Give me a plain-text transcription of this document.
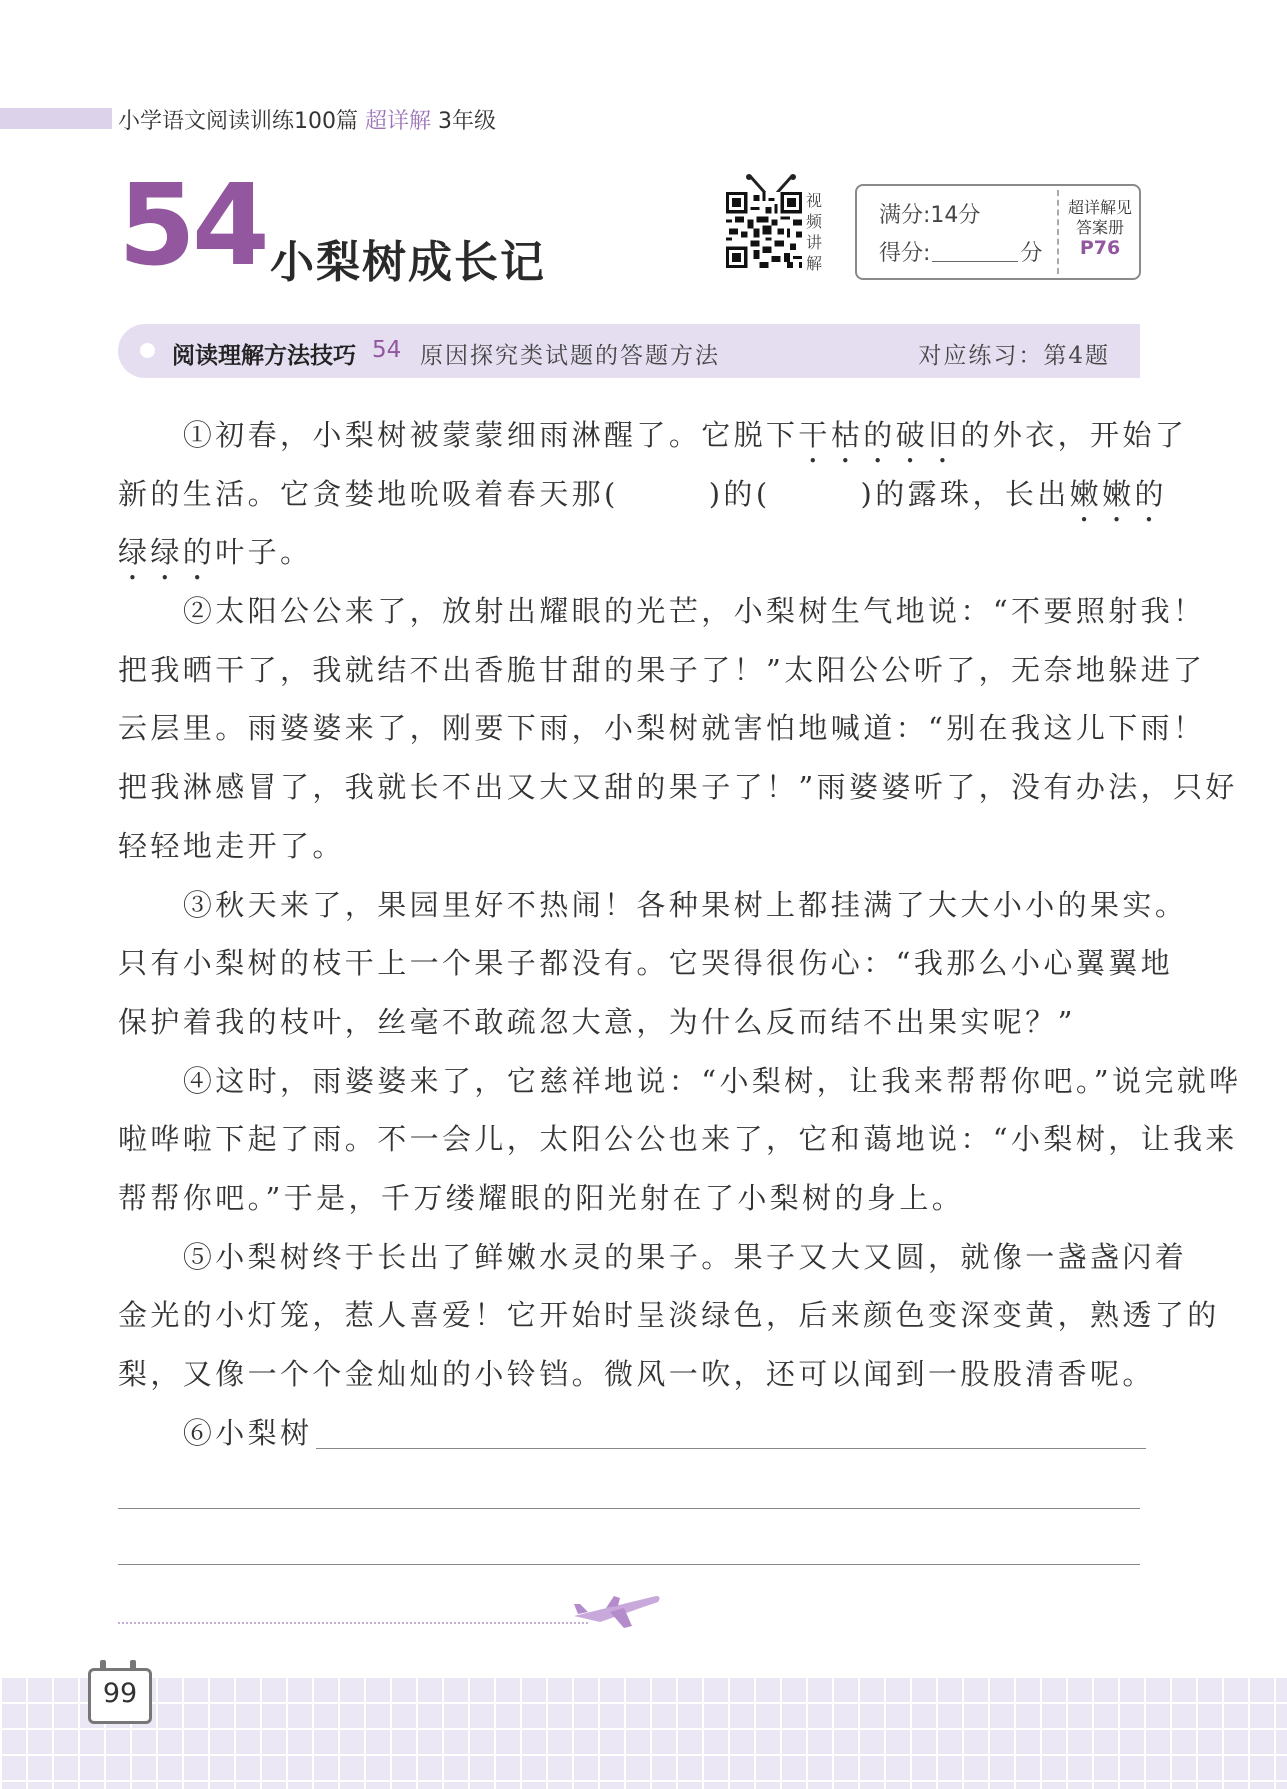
小学语文阅读训练100篇 超详解 3年级
54 小梨树成长记
视频讲解
满分:14分
得分:	分
超详解见
答案册
P76
阅读理解方法技巧 54 原因探究类试题的答题方法	对应练习：第4题
　　①初春，小梨树被蒙蒙细雨淋醒了。它脱下干枯的破旧的外衣，开始了
新的生活。它贪婪地吮吸着春天那(	)的(	)的露珠，长出嫩嫩的
绿绿的叶子。
　　②太阳公公来了，放射出耀眼的光芒，小梨树生气地说：“不要照射我！
把我晒干了，我就结不出香脆甘甜的果子了！”太阳公公听了，无奈地躲进了
云层里。雨婆婆来了，刚要下雨，小梨树就害怕地喊道：“别在我这儿下雨！
把我淋感冒了，我就长不出又大又甜的果子了！”雨婆婆听了，没有办法，只好
轻轻地走开了。
　　③秋天来了，果园里好不热闹！各种果树上都挂满了大大小小的果实。
只有小梨树的枝干上一个果子都没有。它哭得很伤心：“我那么小心翼翼地
保护着我的枝叶，丝毫不敢疏忽大意，为什么反而结不出果实呢？”
　　④这时，雨婆婆来了，它慈祥地说：“小梨树，让我来帮帮你吧。”说完就哗
啦哗啦下起了雨。不一会儿，太阳公公也来了，它和蔼地说：“小梨树，让我来
帮帮你吧。”于是，千万缕耀眼的阳光射在了小梨树的身上。
　　⑤小梨树终于长出了鲜嫩水灵的果子。果子又大又圆，就像一盏盏闪着
金光的小灯笼，惹人喜爱！它开始时呈淡绿色，后来颜色变深变黄，熟透了的
梨，又像一个个金灿灿的小铃铛。微风一吹，还可以闻到一股股清香呢。
　　⑥小梨树
99
